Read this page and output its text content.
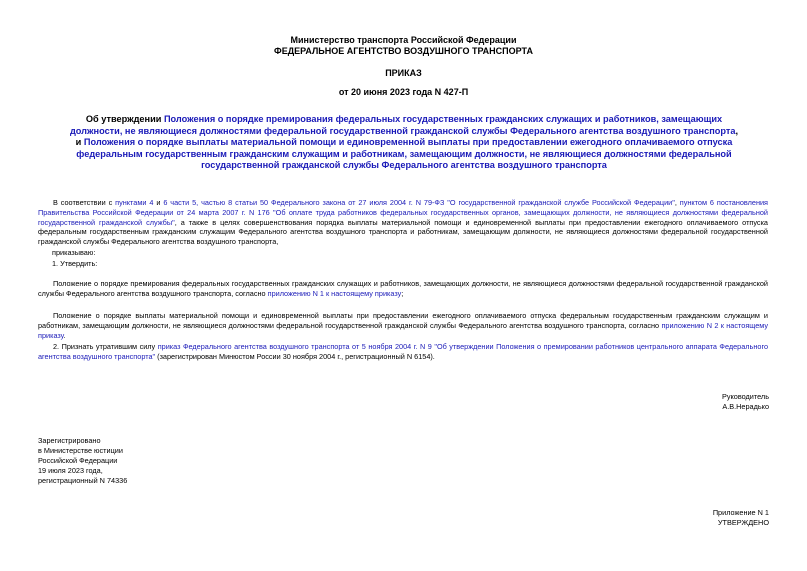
Министерство транспорта Российской Федерации
ФЕДЕРАЛЬНОЕ АГЕНТСТВО ВОЗДУШНОГО ТРАНСПОРТА
ПРИКАЗ
от 20 июня 2023 года N 427-П
Об утверждении Положения о порядке премирования федеральных государственных гражданских служащих и работников, замещающих должности, не являющиеся должностями федеральной государственной гражданской службы Федерального агентства воздушного транспорта, и Положения о порядке выплаты материальной помощи и единовременной выплаты при предоставлении ежегодного оплачиваемого отпуска федеральным государственным гражданским служащим и работникам, замещающим должности, не являющиеся должностями федеральной государственной гражданской службы Федерального агентства воздушного транспорта
В соответствии с пунктами 4 и 6 части 5, частью 8 статьи 50 Федерального закона от 27 июля 2004 г. N 79-ФЗ "О государственной гражданской службе Российской Федерации", пунктом 6 постановления Правительства Российской Федерации от 24 марта 2007 г. N 176 "Об оплате труда работников федеральных государственных органов, замещающих должности, не являющиеся должностями федеральной государственной гражданской службы", а также в целях совершенствования порядка выплаты материальной помощи и единовременной выплаты при предоставлении ежегодного оплачиваемого отпуска федеральным государственным гражданским служащим Федерального агентства воздушного транспорта и работникам, замещающим должности, не являющиеся должностями федеральной государственной гражданской службы Федерального агентства воздушного транспорта,
приказываю:
1. Утвердить:
Положение о порядке премирования федеральных государственных гражданских служащих и работников, замещающих должности, не являющиеся должностями федеральной государственной гражданской службы Федерального агентства воздушного транспорта, согласно приложению N 1 к настоящему приказу;
Положение о порядке выплаты материальной помощи и единовременной выплаты при предоставлении ежегодного оплачиваемого отпуска федеральным государственным гражданским служащим и работникам, замещающим должности, не являющиеся должностями федеральной государственной гражданской службы Федерального агентства воздушного транспорта, согласно приложению N 2 к настоящему приказу.
2. Признать утратившим силу приказ Федерального агентства воздушного транспорта от 5 ноября 2004 г. N 9 "Об утверждении Положения о премировании работников центрального аппарата Федерального агентства воздушного транспорта" (зарегистрирован Минюстом России 30 ноября 2004 г., регистрационный N 6154).
Руководитель
А.В.Нерадько
Зарегистрировано
в Министерстве юстиции
Российской Федерации
19 июля 2023 года,
регистрационный N 74336
Приложение N 1
УТВЕРЖДЕНО
